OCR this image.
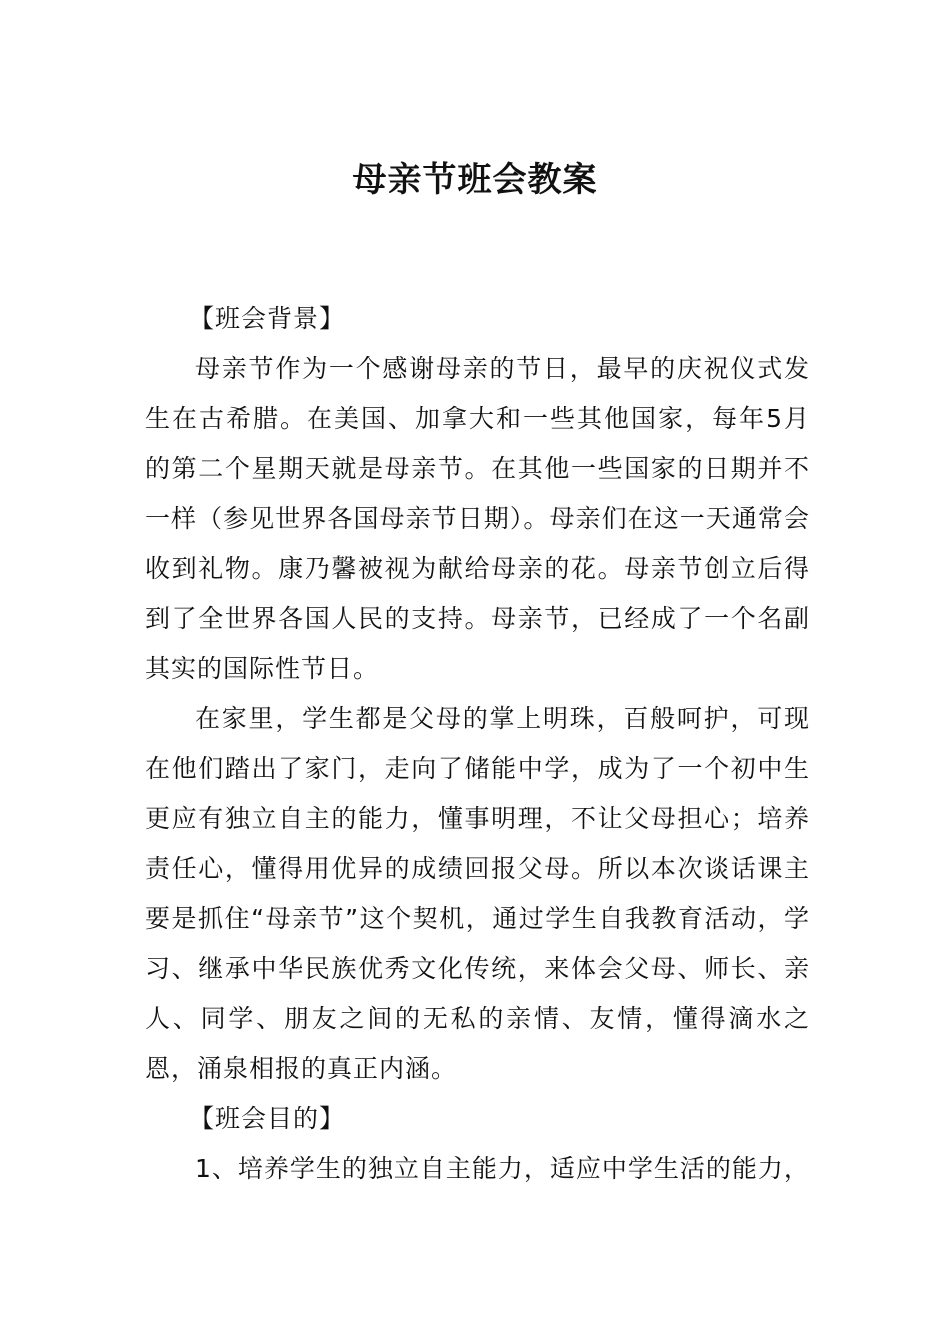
母亲节班会教案

【班会背景】

母亲节作为一个感谢母亲的节日，最早的庆祝仪式发生在古希腊。在美国、加拿大和一些其他国家，每年5月的第二个星期天就是母亲节。在其他一些国家的日期并不一样（参见世界各国母亲节日期）。母亲们在这一天通常会收到礼物。康乃馨被视为献给母亲的花。母亲节创立后得到了全世界各国人民的支持。母亲节，已经成了一个名副其实的国际性节日。

在家里，学生都是父母的掌上明珠，百般呵护，可现在他们踏出了家门，走向了储能中学，成为了一个初中生更应有独立自主的能力，懂事明理，不让父母担心；培养责任心，懂得用优异的成绩回报父母。所以本次谈话课主要是抓住“母亲节”这个契机，通过学生自我教育活动，学习、继承中华民族优秀文化传统，来体会父母、师长、亲人、同学、朋友之间的无私的亲情、友情，懂得滴水之恩，涌泉相报的真正内涵。

【班会目的】

1、培养学生的独立自主能力，适应中学生活的能力，
